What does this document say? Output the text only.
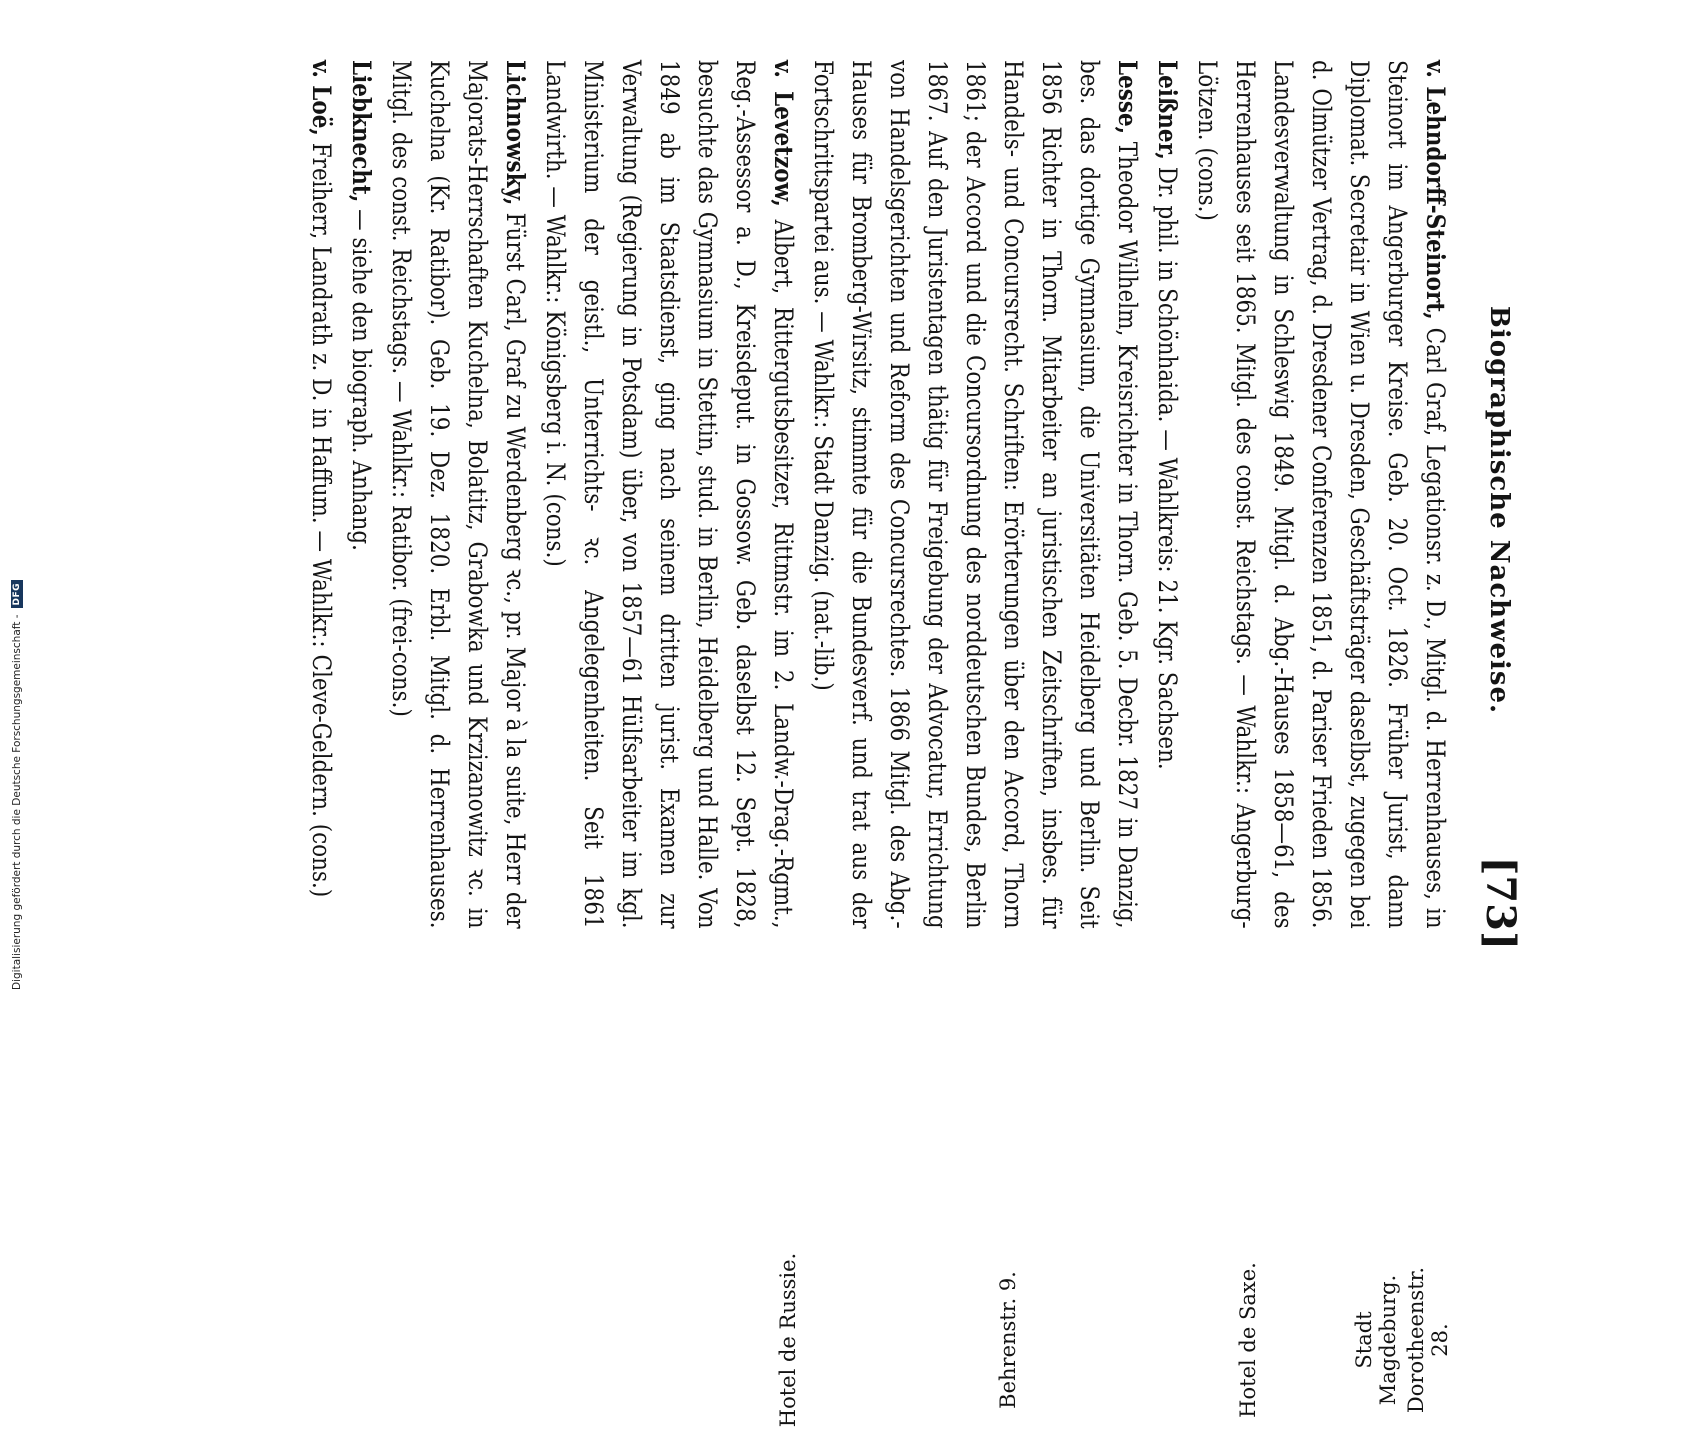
Digitalisierung gefördert durch die Deutsche Forschungsgemeinschaft -
DFG	Biographische Nachweise.
[73]

v. Lehndorff-Steinort, Carl Graf, Legationsr. z. D., Mitgl. d. Herrenhauses, in Steinort im Angerburger Kreise. Geb. 20. Oct. 1826. Früher Jurist, dann Diplomat. Secretair in Wien u. Dresden, Geschäftsträger daselbst, zugegen bei d. Olmützer Vertrag, d. Dresdener Conferenzen 1851, d. Pariser Frieden 1856. Landesverwaltung in Schleswig 1849. Mitgl. d. Abg.-Hauses 1858—61, des Herrenhauses seit 1865. Mitgl. des const. Reichstags. — Wahlkr.: Angerburg-Lötzen. (cons.)

Leißner, Dr. phil. in Schönhaida. — Wahlkreis: 21. Kgr. Sachsen.

Lesse, Theodor Wilhelm, Kreisrichter in Thorn. Geb. 5. Decbr. 1827 in Danzig, bes. das dortige Gymnasium, die Universitäten Heidelberg und Berlin. Seit 1856 Richter in Thorn. Mitarbeiter an juristischen Zeitschriften, insbes. für Handels- und Concursrecht. Schriften: Erörterungen über den Accord, Thorn 1861; der Accord und die Concursordnung des norddeutschen Bundes, Berlin 1867. Auf den Juristentagen thätig für Freigebung der Advocatur, Errichtung von Handelsgerichten und Reform des Concursrechtes. 1866 Mitgl. des Abg.-Hauses für Bromberg-Wirsitz, stimmte für die Bundesverf. und trat aus der Fortschrittspartei aus. — Wahlkr.: Stadt Danzig. (nat.-lib.)

v. Levetzow, Albert, Rittergutsbesitzer, Rittmstr. im 2. Landw.-Drag.-Rgmt., Reg.-Assessor a. D., Kreisdeput. in Gossow. Geb. daselbst 12. Sept. 1828, besuchte das Gymnasium in Stettin, stud. in Berlin, Heidelberg und Halle. Von 1849 ab im Staatsdienst, ging nach seinem dritten jurist. Examen zur Verwaltung (Regierung in Potsdam) über, von 1857—61 Hülfsarbeiter im kgl. Ministerium der geistl., Unterrichts- ꝛc. Angelegenheiten. Seit 1861 Landwirth. — Wahlkr.: Königsberg i. N. (cons.)

Lichnowsky, Fürst Carl, Graf zu Werdenberg ꝛc., pr. Major à la suite, Herr der Majorats-Herrschaften Kuchelna, Bolatitz, Grabowka und Krzizanowitz ꝛc. in Kuchelna (Kr. Ratibor). Geb. 19. Dez. 1820. Erbl. Mitgl. d. Herrenhauses. Mitgl. des const. Reichstags. — Wahlkr.: Ratibor. (frei-cons.)

Liebknecht, — siehe den biograph. Anhang.

v. Loë, Freiherr, Landrath z. D. in Haffum. — Wahlkr.: Cleve-Geldern. (cons.)

Dorotheenstr. 28.
Stadt Magdeburg.
Hotel de Saxe.
Behrenstr. 9.
Hotel de Russie.
